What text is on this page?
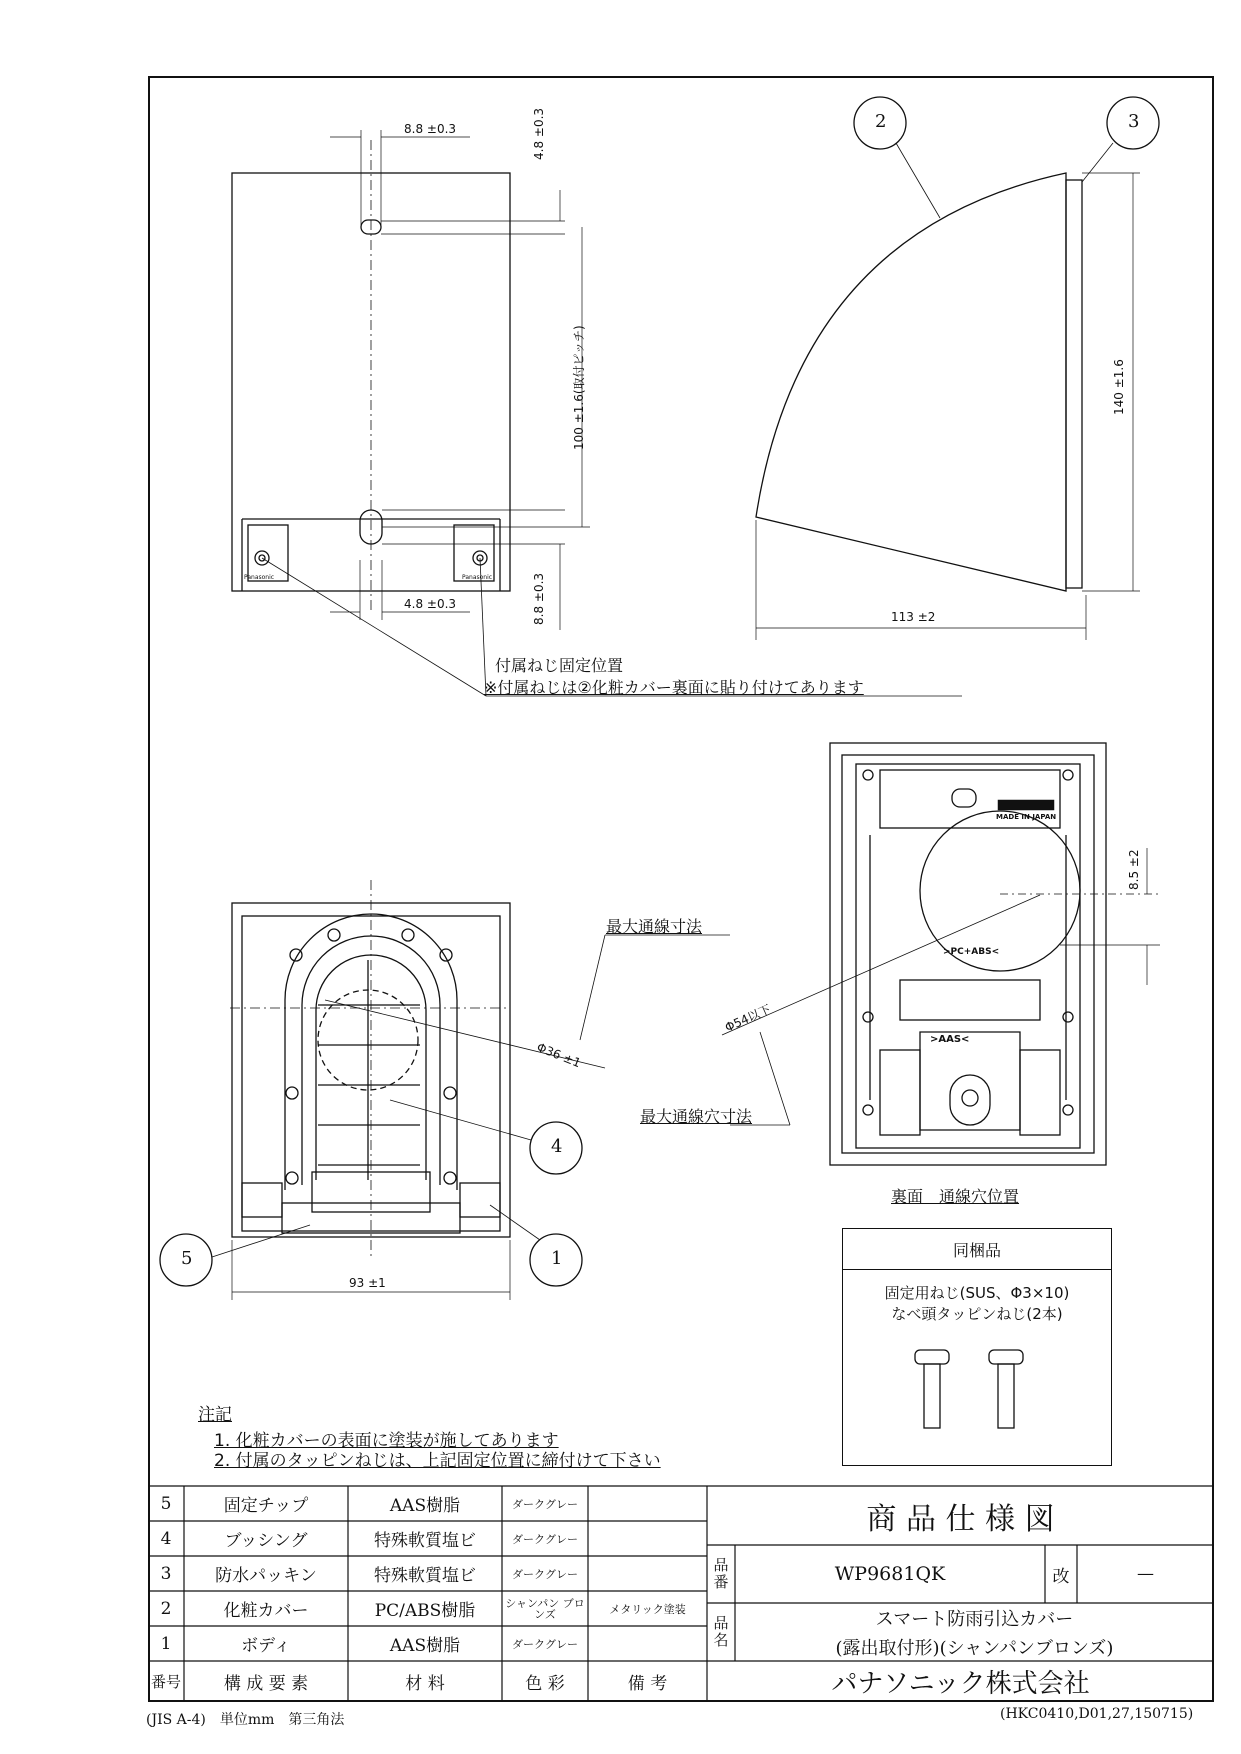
1
2	3
4
5
8.8 ±0.3	4.8 ±0.3
100 ±1.6(取付ピッチ)
4.8 ±0.3	8.8 ±0.3
140 ±1.6
113 ±2
93 ±1
Φ36 ±1
Φ54以下
8.5 ±2
付属ねじ固定位置
※付属ねじは②化粧カバー裏面に貼り付けてあります
最大通線寸法
最大通線穴寸法
裏面　通線穴位置
MADE IN JAPAN
>PC+ABS<
>AAS<
Panasonic	Panasonic
同梱品
固定用ねじ(SUS、Φ3×10)
なべ頭タッピンねじ(2本)
注記
1. 化粧カバーの表面に塗装が施してあります
2. 付属のタッピンねじは、上記固定位置に締付けて下さい
5	固定チップ	AAS樹脂	ダークグレー
4	ブッシング	特殊軟質塩ビ	ダークグレー
3	防水パッキン	特殊軟質塩ビ	ダークグレー
2	化粧カバー	PC/ABS樹脂	シャンパン ブロンズ	メタリック塗装
1	ボディ	AAS樹脂	ダークグレー
番号	構 成 要 素	材 料	色 彩	備 考
商 品 仕 様 図
品番	WP9681QK	改	—
品名
スマート防雨引込カバー
(露出取付形)(シャンパンブロンズ)
パナソニック株式会社
(JIS A-4)　単位mm　第三角法	(HKC0410,D01,27,150715)
